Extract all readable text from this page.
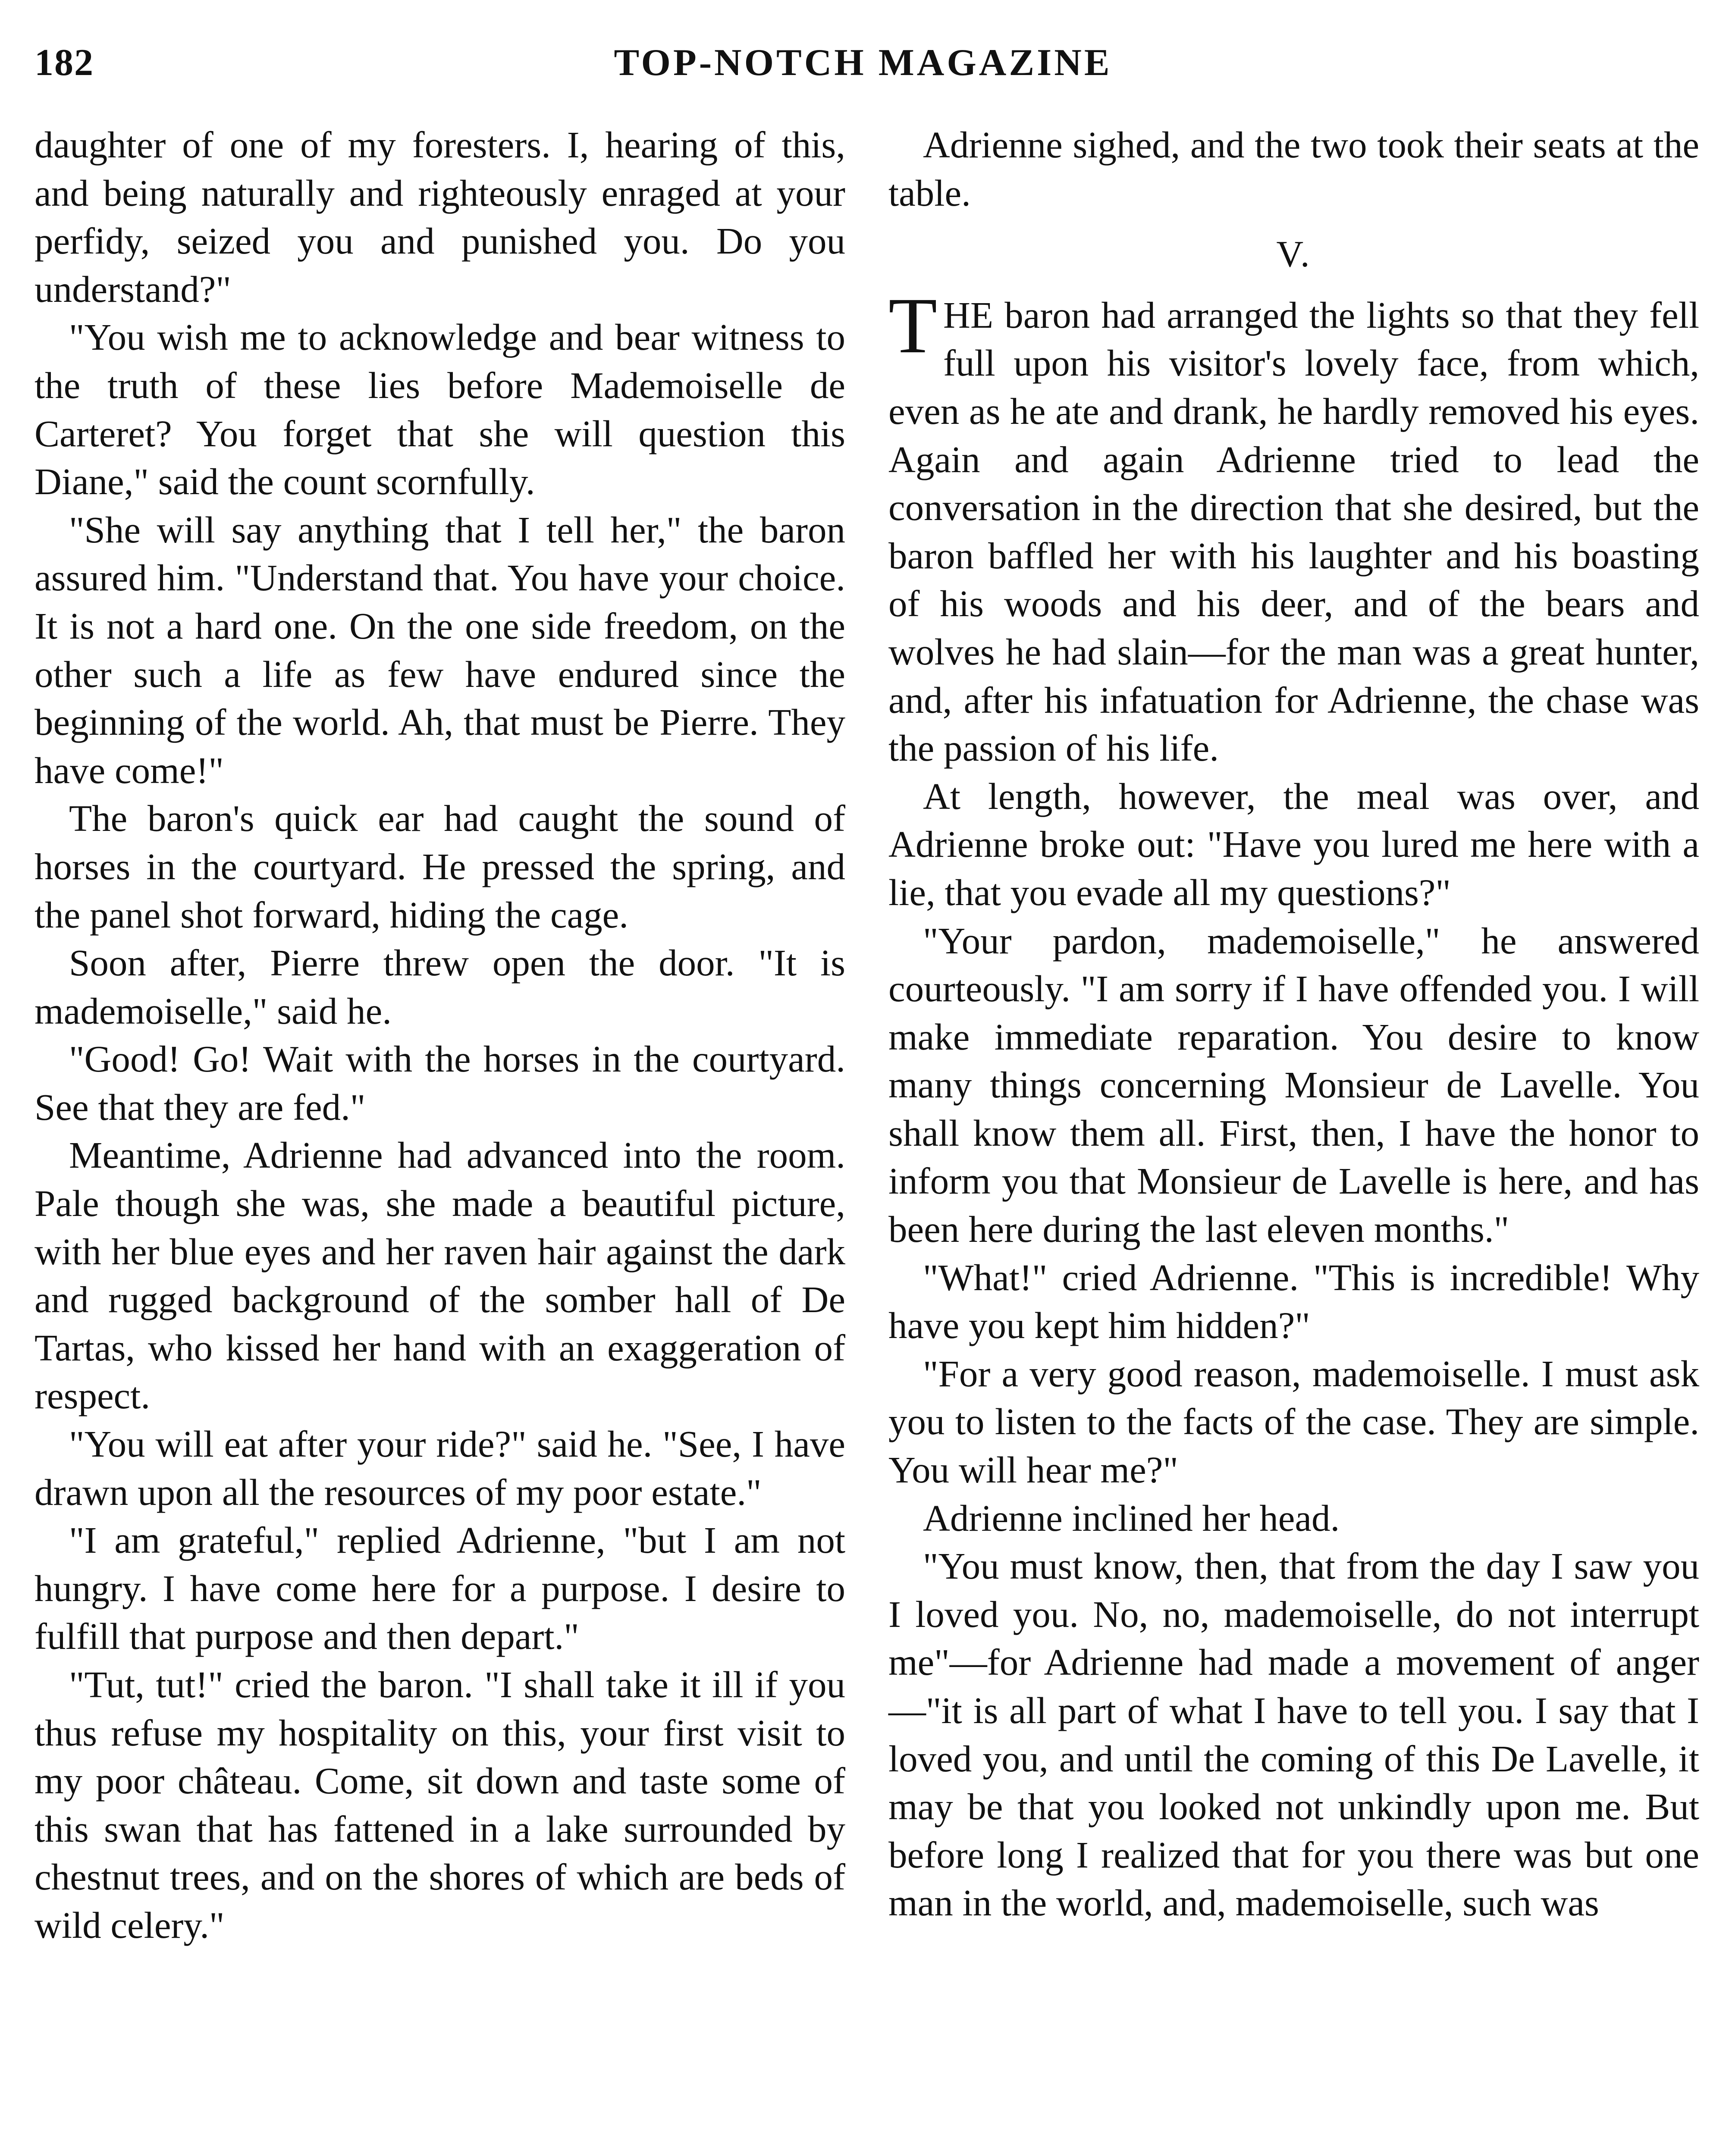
182	TOP-NOTCH MAGAZINE

daughter of one of my foresters. I, hearing of this, and being naturally and righteously enraged at your perfidy, seized you and punished you. Do you understand?"

"You wish me to acknowledge and bear witness to the truth of these lies before Mademoiselle de Carteret? You forget that she will question this Diane," said the count scornfully.

"She will say anything that I tell her," the baron assured him. "Understand that. You have your choice. It is not a hard one. On the one side freedom, on the other such a life as few have endured since the beginning of the world. Ah, that must be Pierre. They have come!"

The baron's quick ear had caught the sound of horses in the courtyard. He pressed the spring, and the panel shot forward, hiding the cage.

Soon after, Pierre threw open the door. "It is mademoiselle," said he.

"Good! Go! Wait with the horses in the courtyard. See that they are fed."

Meantime, Adrienne had advanced into the room. Pale though she was, she made a beautiful picture, with her blue eyes and her raven hair against the dark and rugged background of the somber hall of De Tartas, who kissed her hand with an exaggeration of respect.

"You will eat after your ride?" said he. "See, I have drawn upon all the resources of my poor estate."

"I am grateful," replied Adrienne, "but I am not hungry. I have come here for a purpose. I desire to fulfill that purpose and then depart."

"Tut, tut!" cried the baron. "I shall take it ill if you thus refuse my hospitality on this, your first visit to my poor château. Come, sit down and taste some of this swan that has fattened in a lake surrounded by chestnut trees, and on the shores of which are beds of wild celery."

Adrienne sighed, and the two took their seats at the table.

V.

THE baron had arranged the lights so that they fell full upon his visitor's lovely face, from which, even as he ate and drank, he hardly removed his eyes. Again and again Adrienne tried to lead the conversation in the direction that she desired, but the baron baffled her with his laughter and his boasting of his woods and his deer, and of the bears and wolves he had slain—for the man was a great hunter, and, after his infatuation for Adrienne, the chase was the passion of his life.

At length, however, the meal was over, and Adrienne broke out: "Have you lured me here with a lie, that you evade all my questions?"

"Your pardon, mademoiselle," he answered courteously. "I am sorry if I have offended you. I will make immediate reparation. You desire to know many things concerning Monsieur de Lavelle. You shall know them all. First, then, I have the honor to inform you that Monsieur de Lavelle is here, and has been here during the last eleven months."

"What!" cried Adrienne. "This is incredible! Why have you kept him hidden?"

"For a very good reason, mademoiselle. I must ask you to listen to the facts of the case. They are simple. You will hear me?"

Adrienne inclined her head.

"You must know, then, that from the day I saw you I loved you. No, no, mademoiselle, do not interrupt me"—for Adrienne had made a movement of anger—"it is all part of what I have to tell you. I say that I loved you, and until the coming of this De Lavelle, it may be that you looked not unkindly upon me. But before long I realized that for you there was but one man in the world, and, mademoiselle, such was
